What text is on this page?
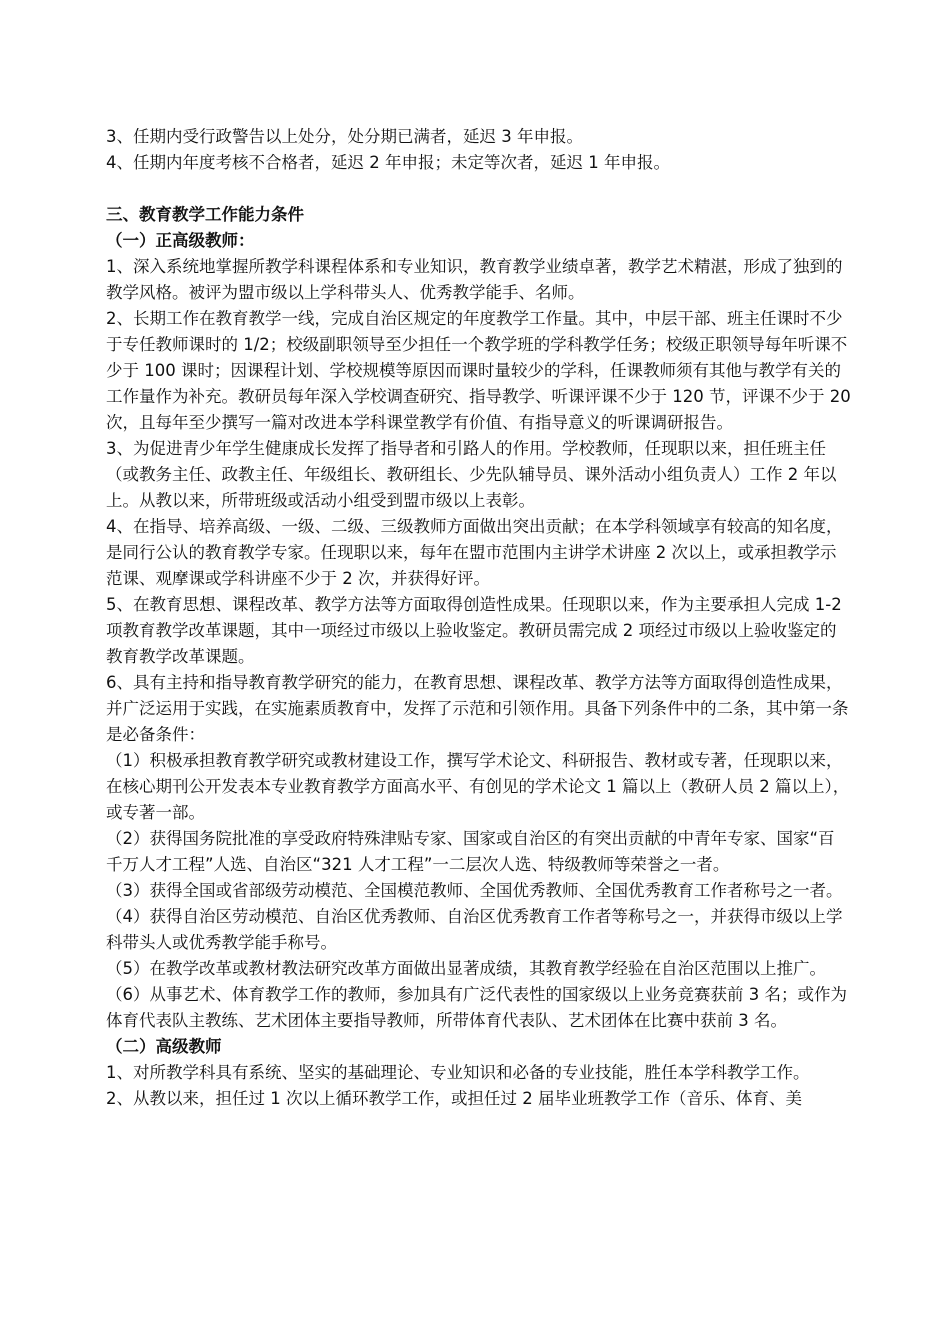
3、任期内受行政警告以上处分，处分期已满者，延迟 3 年申报。

4、任期内年度考核不合格者，延迟 2 年申报；未定等次者，延迟 1 年申报。

三、教育教学工作能力条件

（一）正高级教师：

1、深入系统地掌握所教学科课程体系和专业知识，教育教学业绩卓著，教学艺术精湛，形成了独到的教学风格。被评为盟市级以上学科带头人、优秀教学能手、名师。

2、长期工作在教育教学一线，完成自治区规定的年度教学工作量。其中，中层干部、班主任课时不少于专任教师课时的 1/2；校级副职领导至少担任一个教学班的学科教学任务；校级正职领导每年听课不少于 100 课时；因课程计划、学校规模等原因而课时量较少的学科，任课教师须有其他与教学有关的工作量作为补充。教研员每年深入学校调查研究、指导教学、听课评课不少于 120 节，评课不少于 20 次，且每年至少撰写一篇对改进本学科课堂教学有价值、有指导意义的听课调研报告。

3、为促进青少年学生健康成长发挥了指导者和引路人的作用。学校教师，任现职以来，担任班主任（或教务主任、政教主任、年级组长、教研组长、少先队辅导员、课外活动小组负责人）工作 2 年以上。从教以来，所带班级或活动小组受到盟市级以上表彰。

4、在指导、培养高级、一级、二级、三级教师方面做出突出贡献；在本学科领域享有较高的知名度，是同行公认的教育教学专家。任现职以来，每年在盟市范围内主讲学术讲座 2 次以上，或承担教学示范课、观摩课或学科讲座不少于 2 次，并获得好评。

5、在教育思想、课程改革、教学方法等方面取得创造性成果。任现职以来，作为主要承担人完成 1-2 项教育教学改革课题，其中一项经过市级以上验收鉴定。教研员需完成 2 项经过市级以上验收鉴定的教育教学改革课题。

6、具有主持和指导教育教学研究的能力，在教育思想、课程改革、教学方法等方面取得创造性成果，并广泛运用于实践，在实施素质教育中，发挥了示范和引领作用。具备下列条件中的二条，其中第一条是必备条件：

（1）积极承担教育教学研究或教材建设工作，撰写学术论文、科研报告、教材或专著，任现职以来，在核心期刊公开发表本专业教育教学方面高水平、有创见的学术论文 1 篇以上（教研人员 2 篇以上），或专著一部。

（2）获得国务院批准的享受政府特殊津贴专家、国家或自治区的有突出贡献的中青年专家、国家“百千万人才工程”人选、自治区“321 人才工程”一二层次人选、特级教师等荣誉之一者。

（3）获得全国或省部级劳动模范、全国模范教师、全国优秀教师、全国优秀教育工作者称号之一者。

（4）获得自治区劳动模范、自治区优秀教师、自治区优秀教育工作者等称号之一，并获得市级以上学科带头人或优秀教学能手称号。

（5）在教学改革或教材教法研究改革方面做出显著成绩，其教育教学经验在自治区范围以上推广。

（6）从事艺术、体育教学工作的教师，参加具有广泛代表性的国家级以上业务竞赛获前 3 名；或作为体育代表队主教练、艺术团体主要指导教师，所带体育代表队、艺术团体在比赛中获前 3 名。

（二）高级教师

1、对所教学科具有系统、坚实的基础理论、专业知识和必备的专业技能，胜任本学科教学工作。

2、从教以来，担任过 1 次以上循环教学工作，或担任过 2 届毕业班教学工作（音乐、体育、美
